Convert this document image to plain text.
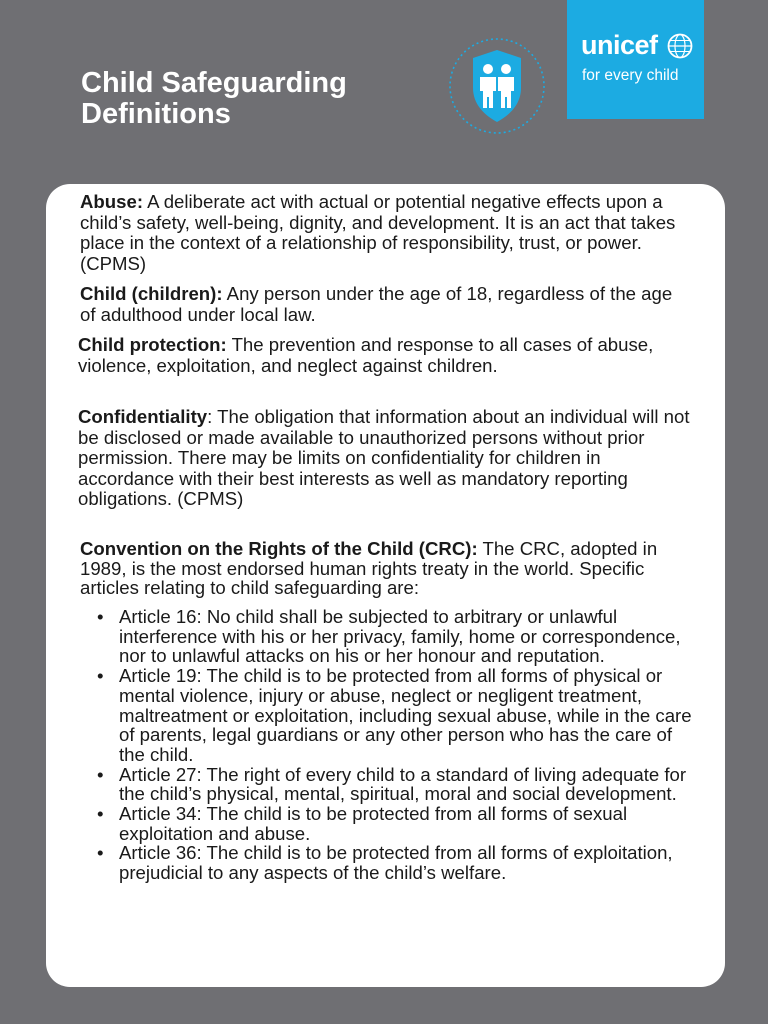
Child Safeguarding
Definitions
unicef
for every child

Abuse: A deliberate act with actual or potential negative effects upon a child’s safety, well-being, dignity, and development. It is an act that takes place in the context of a relationship of responsibility, trust, or power. (CPMS)

Child (children): Any person under the age of 18, regardless of the age of adulthood under local law.

Child protection: The prevention and response to all cases of abuse, violence, exploitation, and neglect against children.

Confidentiality: The obligation that information about an individual will not be disclosed or made available to unauthorized persons without prior permission. There may be limits on confidentiality for children in accordance with their best interests as well as mandatory reporting obligations. (CPMS)

Convention on the Rights of the Child (CRC): The CRC, adopted in 1989, is the most endorsed human rights treaty in the world. Specific articles relating to child safeguarding are:

• Article 16: No child shall be subjected to arbitrary or unlawful interference with his or her privacy, family, home or correspondence, nor to unlawful attacks on his or her honour and reputation.
• Article 19: The child is to be protected from all forms of physical or mental violence, injury or abuse, neglect or negligent treatment, maltreatment or exploitation, including sexual abuse, while in the care of parents, legal guardians or any other person who has the care of the child.
• Article 27: The right of every child to a standard of living adequate for the child’s physical, mental, spiritual, moral and social development.
• Article 34: The child is to be protected from all forms of sexual exploitation and abuse.
• Article 36: The child is to be protected from all forms of exploitation, prejudicial to any aspects of the child’s welfare.
